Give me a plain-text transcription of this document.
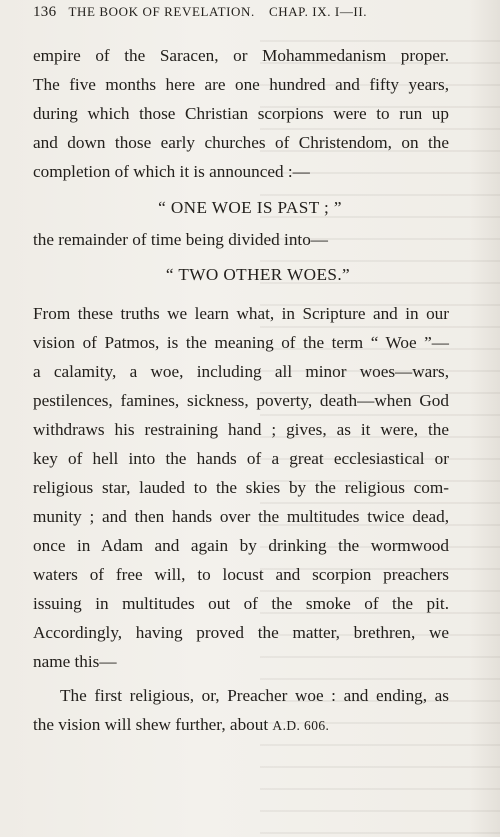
136 THE BOOK OF REVELATION. CHAP. IX. I—II.
empire of the Saracen, or Mohammedanism proper.
The five months here are one hundred and fifty years,
during which those Christian scorpions were to run up
and down those early churches of Christendom, on the
completion of which it is announced :—
“ ONE WOE IS PAST ; ”
the remainder of time being divided into—
“ TWO OTHER WOES.”
From these truths we learn what, in Scripture and in our
vision of Patmos, is the meaning of the term “ Woe ”—
a calamity, a woe, including all minor woes—wars,
pestilences, famines, sickness, poverty, death—when God
withdraws his restraining hand ; gives, as it were, the
key of hell into the hands of a great ecclesiastical or
religious star, lauded to the skies by the religious com-
munity ; and then hands over the multitudes twice dead,
once in Adam and again by drinking the wormwood
waters of free will, to locust and scorpion preachers
issuing in multitudes out of the smoke of the pit.
Accordingly, having proved the matter, brethren, we
name this—
The first religious, or, Preacher woe : and ending, as
the vision will shew further, about A.D. 606.
